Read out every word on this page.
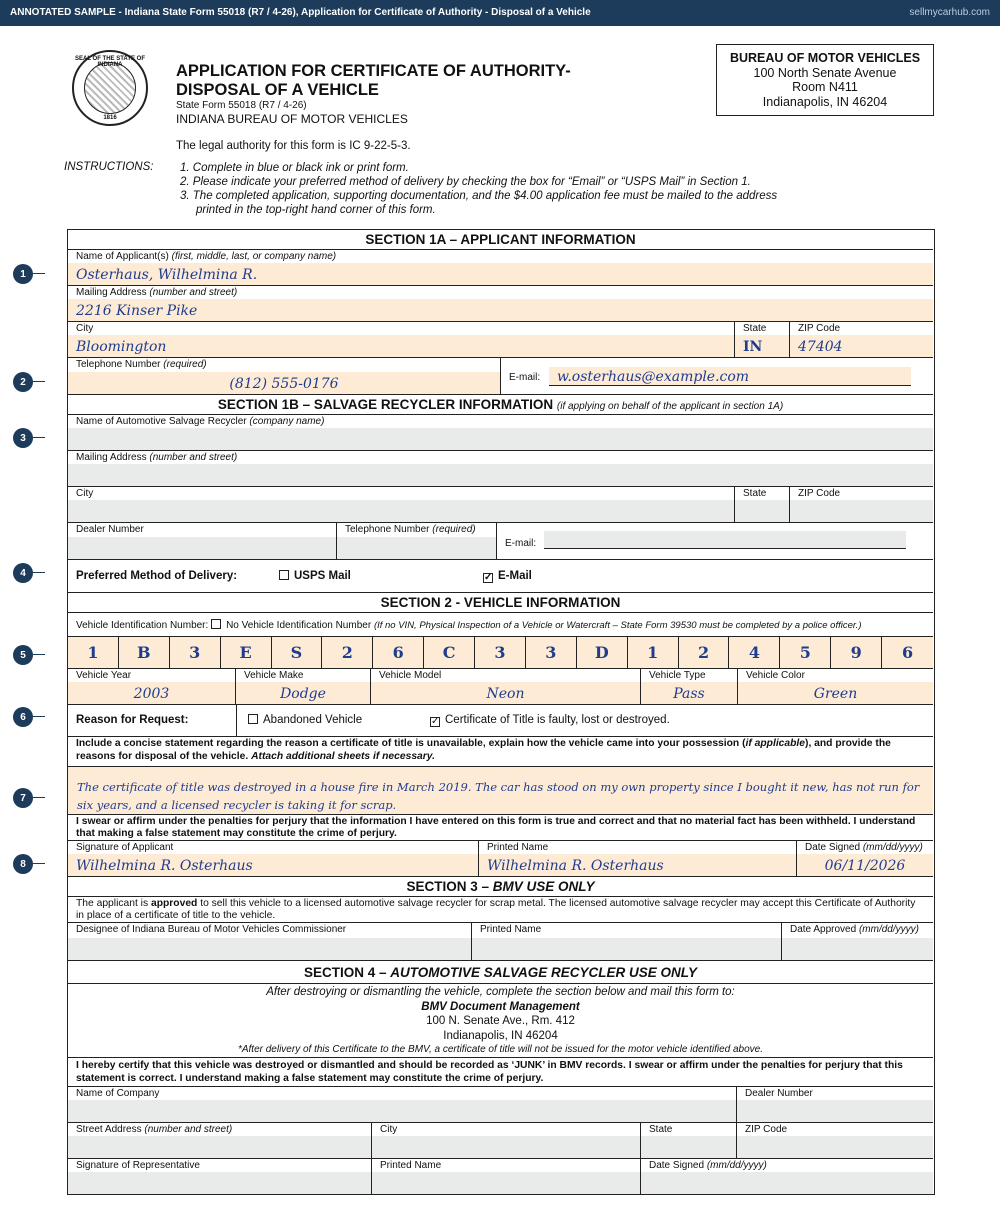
ANNOTATED SAMPLE - Indiana State Form 55018 (R7 / 4-26), Application for Certificate of Authority - Disposal of a Vehicle	sellmycarhub.com
SEAL OF THE STATE OF INDIANA
1816
APPLICATION FOR CERTIFICATE OF AUTHORITY-
DISPOSAL OF A VEHICLE
State Form 55018 (R7 / 4-26)
INDIANA BUREAU OF MOTOR VEHICLES
BUREAU OF MOTOR VEHICLES
100 North Senate Avenue
Room N411
Indianapolis, IN 46204
The legal authority for this form is IC 9-22-5-3.
INSTRUCTIONS: 1. Complete in blue or black ink or print form.
2. Please indicate your preferred method of delivery by checking the box for “Email” or “USPS Mail” in Section 1.
3. The completed application, supporting documentation, and the $4.00 application fee must be mailed to the address printed in the top-right hand corner of this form.
1
2
3
4
5
6
7
8
SECTION 1A – APPLICANT INFORMATION
Name of Applicant(s) (first, middle, last, or company name)
Osterhaus, Wilhelmina R.
Mailing Address (number and street)
2216 Kinser Pike
City
Bloomington
State
IN
ZIP Code
47404
Telephone Number (required)
(812) 555-0176	E-mail: w.osterhaus@example.com
SECTION 1B – SALVAGE RECYCLER INFORMATION (if applying on behalf of the applicant in section 1A)
Name of Automotive Salvage Recycler (company name)
Mailing Address (number and street)
City	State	ZIP Code
Dealer Number	Telephone Number (required)
E-mail:
Preferred Method of Delivery:	USPS Mail	✓ E-Mail
SECTION 2 - VEHICLE INFORMATION
Vehicle Identification Number: No Vehicle Identification Number (If no VIN, Physical Inspection of a Vehicle or Watercraft – State Form 39530 must be completed by a police officer.)
1	B	3	E	S	2	6	C	3	3	D	1	2	4	5	9	6
Vehicle Year
2003
Vehicle Make
Dodge
Vehicle Model
Neon
Vehicle Type
Pass
Vehicle Color
Green
Reason for Request:	Abandoned Vehicle	✓ Certificate of Title is faulty, lost or destroyed.
Include a concise statement regarding the reason a certificate of title is unavailable, explain how the vehicle came into your possession (if applicable), and provide the reasons for disposal of the vehicle. Attach additional sheets if necessary.
The certificate of title was destroyed in a house fire in March 2019. The car has stood on my own property since I bought it new, has not run for six years, and a licensed recycler is taking it for scrap.
I swear or affirm under the penalties for perjury that the information I have entered on this form is true and correct and that no material fact has been withheld. I understand that making a false statement may constitute the crime of perjury.
Signature of Applicant
Wilhelmina R. Osterhaus
Printed Name
Wilhelmina R. Osterhaus
Date Signed (mm/dd/yyyy)
06/11/2026
SECTION 3 – BMV USE ONLY
The applicant is approved to sell this vehicle to a licensed automotive salvage recycler for scrap metal. The licensed automotive salvage recycler may accept this Certificate of Authority in place of a certificate of title to the vehicle.
Designee of Indiana Bureau of Motor Vehicles Commissioner	Printed Name	Date Approved (mm/dd/yyyy)
SECTION 4 – AUTOMOTIVE SALVAGE RECYCLER USE ONLY
After destroying or dismantling the vehicle, complete the section below and mail this form to:
BMV Document Management
100 N. Senate Ave., Rm. 412
Indianapolis, IN 46204
*After delivery of this Certificate to the BMV, a certificate of title will not be issued for the motor vehicle identified above.
I hereby certify that this vehicle was destroyed or dismantled and should be recorded as ‘JUNK’ in BMV records. I swear or affirm under the penalties for perjury that this statement is correct. I understand making a false statement may constitute the crime of perjury.
Name of Company	Dealer Number
Street Address (number and street)	City	State	ZIP Code
Signature of Representative	Printed Name	Date Signed (mm/dd/yyyy)
